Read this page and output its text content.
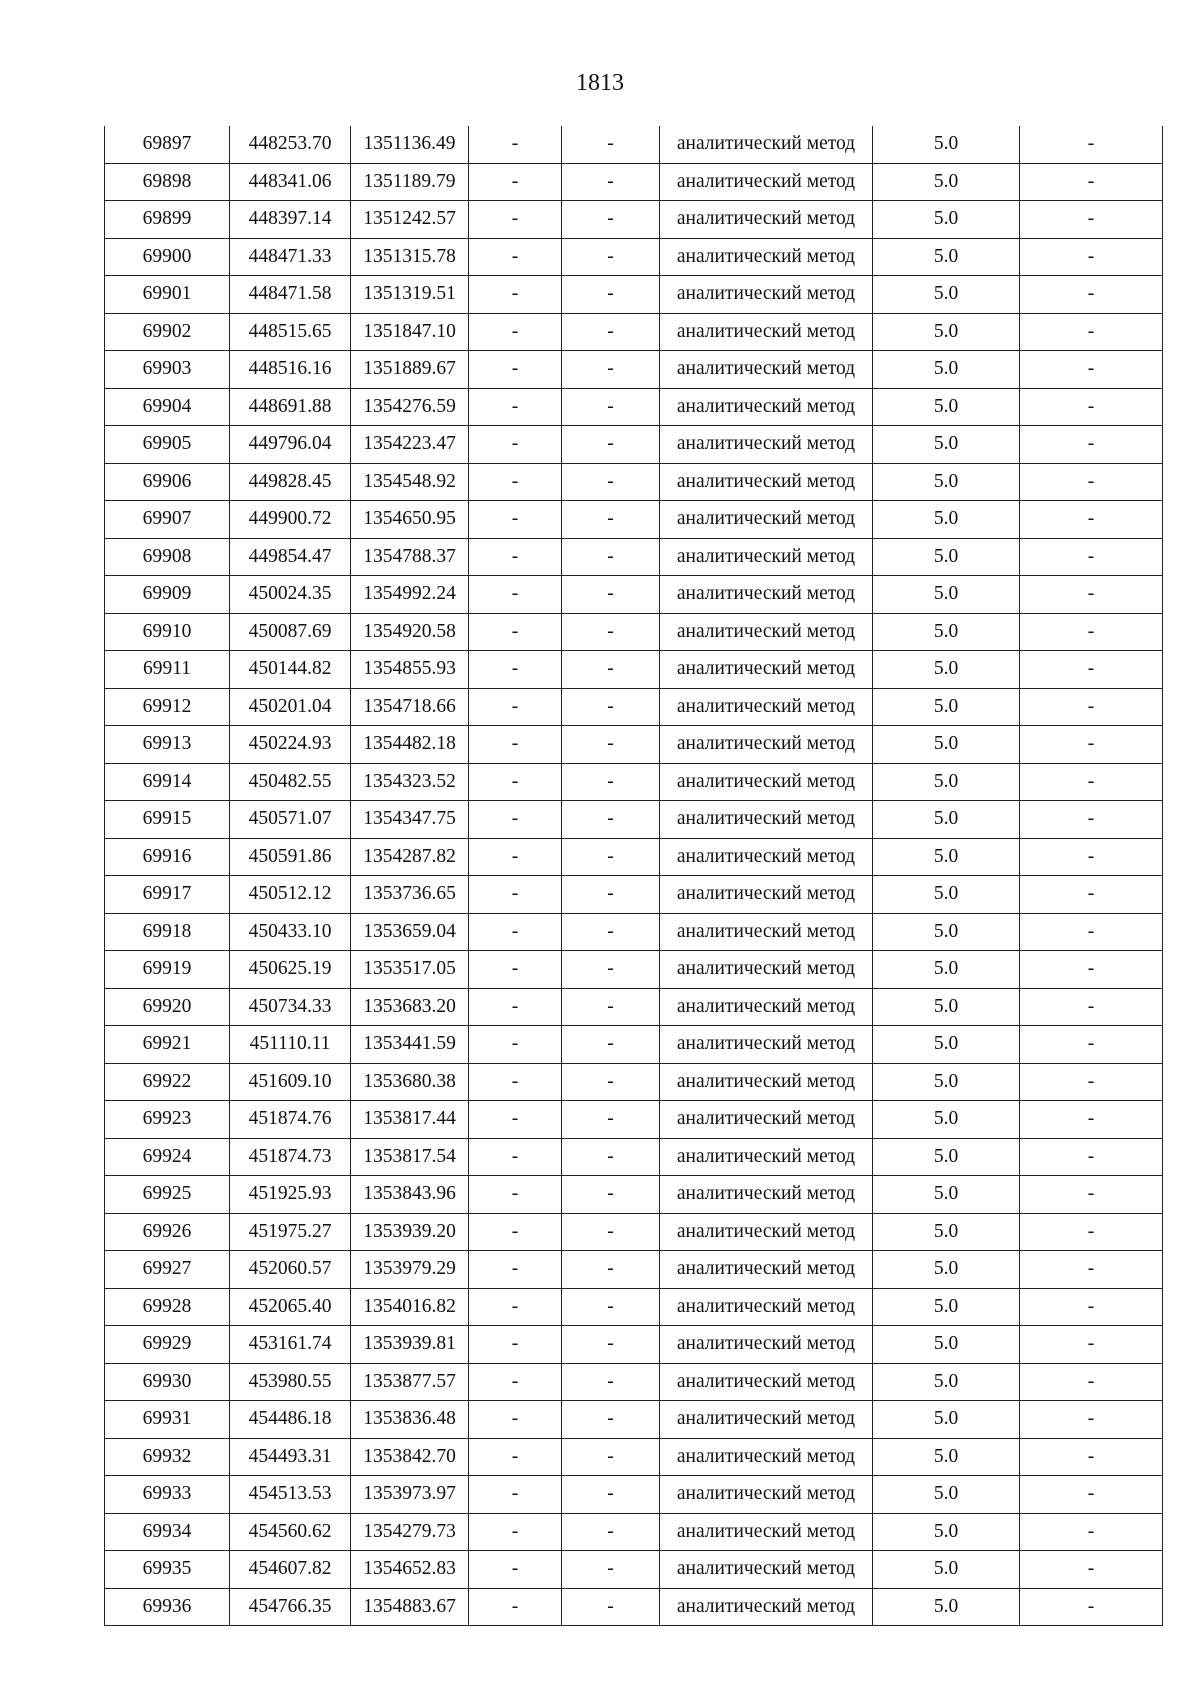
1813
69897	448253.70	1351136.49	-	-	аналитический метод	5.0	-
69898	448341.06	1351189.79	-	-	аналитический метод	5.0	-
69899	448397.14	1351242.57	-	-	аналитический метод	5.0	-
69900	448471.33	1351315.78	-	-	аналитический метод	5.0	-
69901	448471.58	1351319.51	-	-	аналитический метод	5.0	-
69902	448515.65	1351847.10	-	-	аналитический метод	5.0	-
69903	448516.16	1351889.67	-	-	аналитический метод	5.0	-
69904	448691.88	1354276.59	-	-	аналитический метод	5.0	-
69905	449796.04	1354223.47	-	-	аналитический метод	5.0	-
69906	449828.45	1354548.92	-	-	аналитический метод	5.0	-
69907	449900.72	1354650.95	-	-	аналитический метод	5.0	-
69908	449854.47	1354788.37	-	-	аналитический метод	5.0	-
69909	450024.35	1354992.24	-	-	аналитический метод	5.0	-
69910	450087.69	1354920.58	-	-	аналитический метод	5.0	-
69911	450144.82	1354855.93	-	-	аналитический метод	5.0	-
69912	450201.04	1354718.66	-	-	аналитический метод	5.0	-
69913	450224.93	1354482.18	-	-	аналитический метод	5.0	-
69914	450482.55	1354323.52	-	-	аналитический метод	5.0	-
69915	450571.07	1354347.75	-	-	аналитический метод	5.0	-
69916	450591.86	1354287.82	-	-	аналитический метод	5.0	-
69917	450512.12	1353736.65	-	-	аналитический метод	5.0	-
69918	450433.10	1353659.04	-	-	аналитический метод	5.0	-
69919	450625.19	1353517.05	-	-	аналитический метод	5.0	-
69920	450734.33	1353683.20	-	-	аналитический метод	5.0	-
69921	451110.11	1353441.59	-	-	аналитический метод	5.0	-
69922	451609.10	1353680.38	-	-	аналитический метод	5.0	-
69923	451874.76	1353817.44	-	-	аналитический метод	5.0	-
69924	451874.73	1353817.54	-	-	аналитический метод	5.0	-
69925	451925.93	1353843.96	-	-	аналитический метод	5.0	-
69926	451975.27	1353939.20	-	-	аналитический метод	5.0	-
69927	452060.57	1353979.29	-	-	аналитический метод	5.0	-
69928	452065.40	1354016.82	-	-	аналитический метод	5.0	-
69929	453161.74	1353939.81	-	-	аналитический метод	5.0	-
69930	453980.55	1353877.57	-	-	аналитический метод	5.0	-
69931	454486.18	1353836.48	-	-	аналитический метод	5.0	-
69932	454493.31	1353842.70	-	-	аналитический метод	5.0	-
69933	454513.53	1353973.97	-	-	аналитический метод	5.0	-
69934	454560.62	1354279.73	-	-	аналитический метод	5.0	-
69935	454607.82	1354652.83	-	-	аналитический метод	5.0	-
69936	454766.35	1354883.67	-	-	аналитический метод	5.0	-
